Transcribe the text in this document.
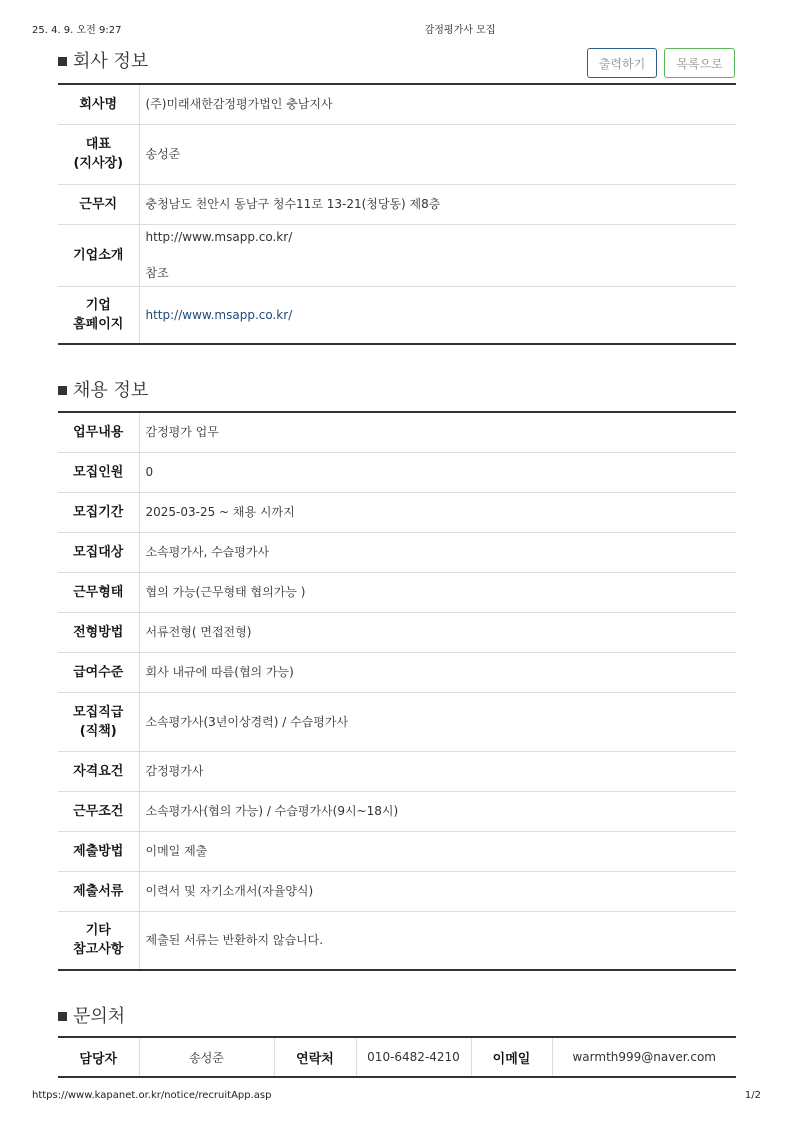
25. 4. 9. 오전 9:27	감정평가사 모집
회사 정보	출력하기	목록으로
회사명	(주)미래새한감정평가법인 충남지사
대표
(지사장)	송성준
근무지	충청남도 천안시 동남구 청수11로 13-21(청당동) 제8층
기업소개	http://www.msapp.co.kr/

참조
기업
홈페이지	http://www.msapp.co.kr/
채용 정보
업무내용	감정평가 업무
모집인원	0
모집기간	2025-03-25 ~ 채용 시까지
모집대상	소속평가사, 수습평가사
근무형태	협의 가능(근무형태 협의가능 )
전형방법	서류전형( 면접전형)
급여수준	회사 내규에 따름(협의 가능)
모집직급
(직책)	소속평가사(3년이상경력) / 수습평가사
자격요건	감정평가사
근무조건	소속평가사(협의 가능) / 수습평가사(9시~18시)
제출방법	이메일 제출
제출서류	이력서 및 자기소개서(자율양식)
기타
참고사항	제출된 서류는 반환하지 않습니다.
문의처
담당자	송성준	연락처	010-6482-4210	이메일	warmth999@naver.com
https://www.kapanet.or.kr/notice/recruitApp.asp	1/2
